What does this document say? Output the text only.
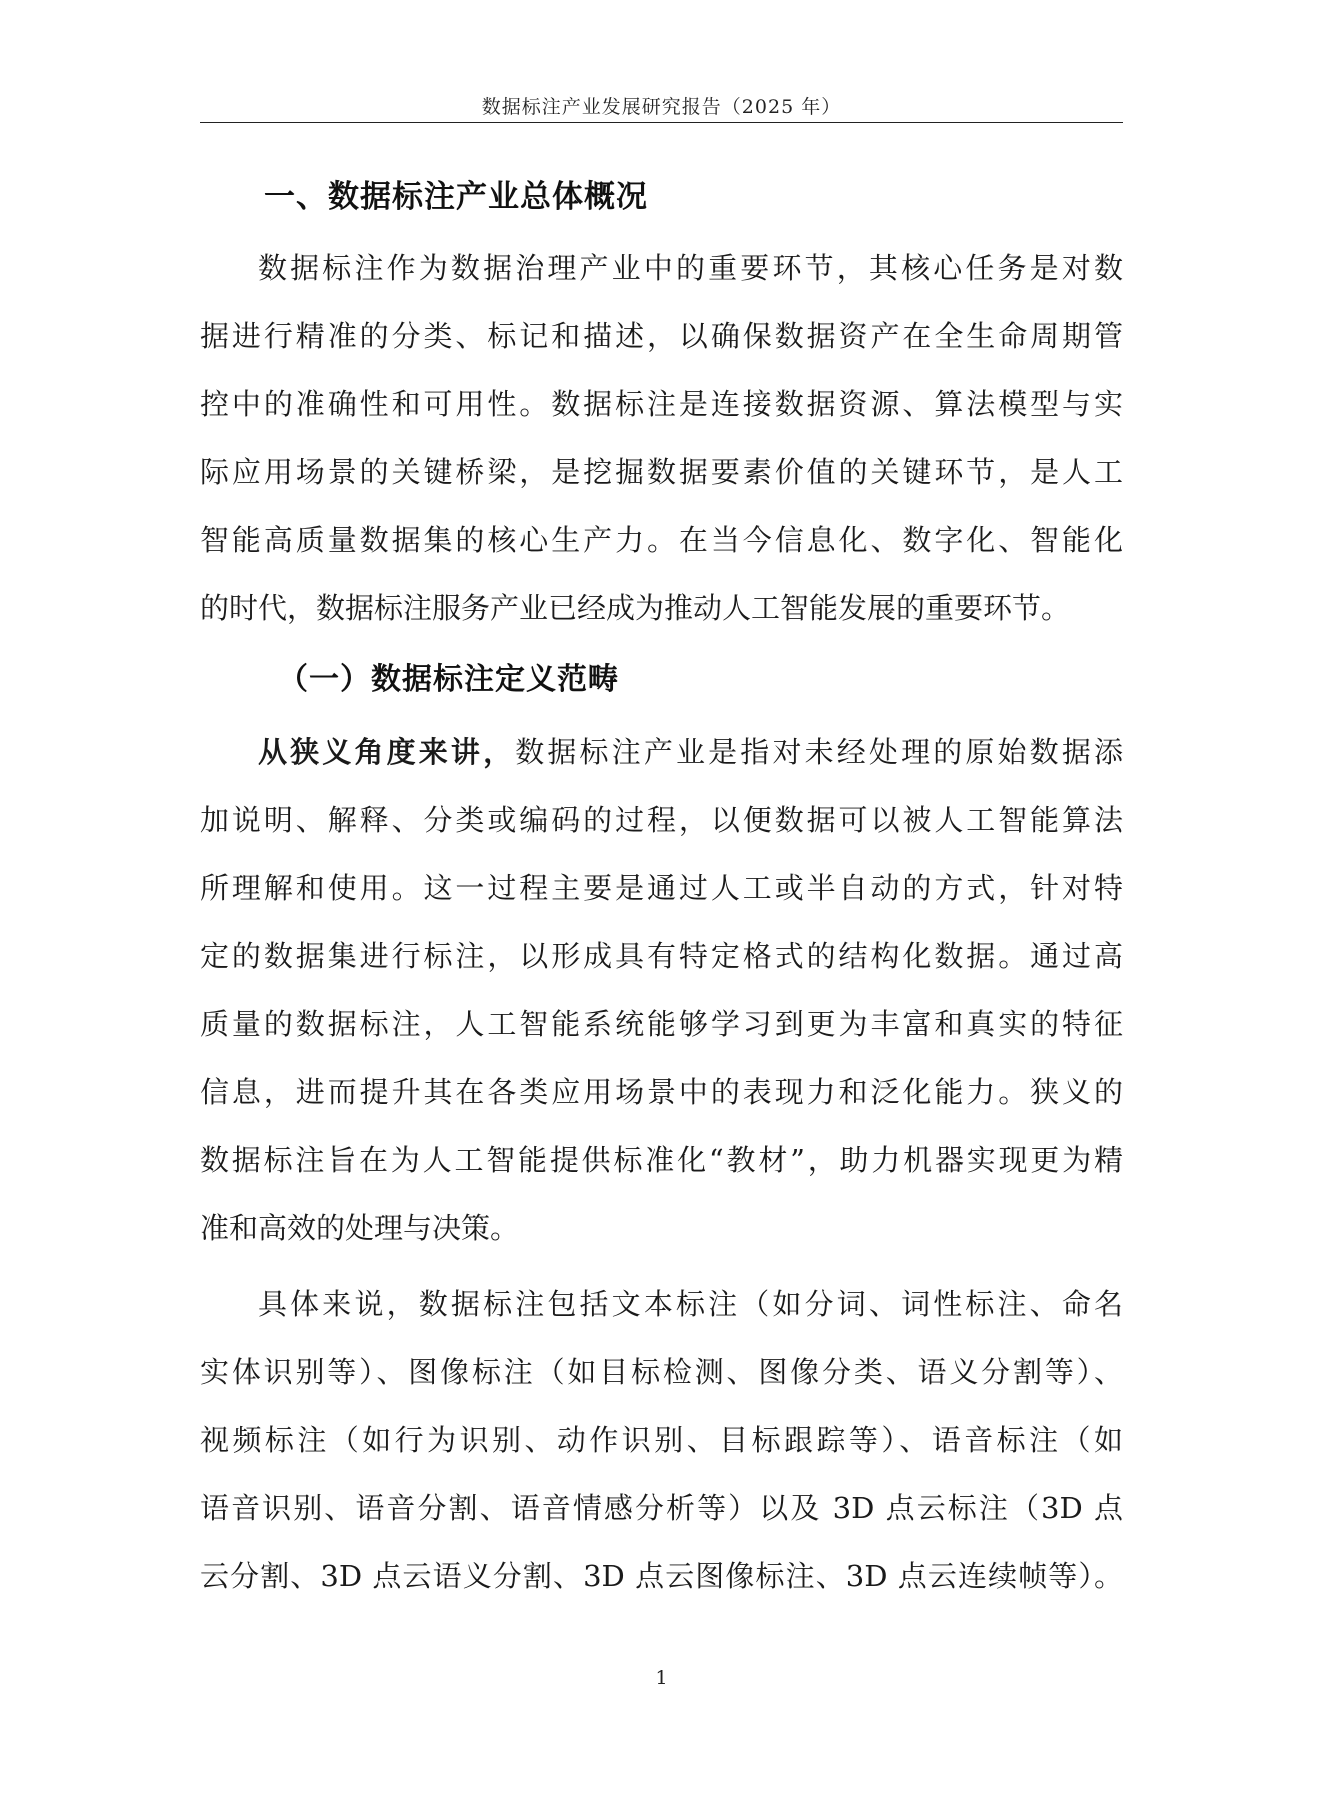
数据标注产业发展研究报告（2025 年）
一、数据标注产业总体概况
数据标注作为数据治理产业中的重要环节，其核心任务是对数
据进行精准的分类、标记和描述，以确保数据资产在全生命周期管
控中的准确性和可用性。数据标注是连接数据资源、算法模型与实
际应用场景的关键桥梁，是挖掘数据要素价值的关键环节，是人工
智能高质量数据集的核心生产力。在当今信息化、数字化、智能化
的时代，数据标注服务产业已经成为推动人工智能发展的重要环节。
（一）数据标注定义范畴
从狭义角度来讲，数据标注产业是指对未经处理的原始数据添
加说明、解释、分类或编码的过程，以便数据可以被人工智能算法
所理解和使用。这一过程主要是通过人工或半自动的方式，针对特
定的数据集进行标注，以形成具有特定格式的结构化数据。通过高
质量的数据标注，人工智能系统能够学习到更为丰富和真实的特征
信息，进而提升其在各类应用场景中的表现力和泛化能力。狭义的
数据标注旨在为人工智能提供标准化“教材”，助力机器实现更为精
准和高效的处理与决策。
具体来说，数据标注包括文本标注（如分词、词性标注、命名
实体识别等）、图像标注（如目标检测、图像分类、语义分割等）、
视频标注（如行为识别、动作识别、目标跟踪等）、语音标注（如
语音识别、语音分割、语音情感分析等）以及 3D 点云标注（3D 点
云分割、3D 点云语义分割、3D 点云图像标注、3D 点云连续帧等）。
1
